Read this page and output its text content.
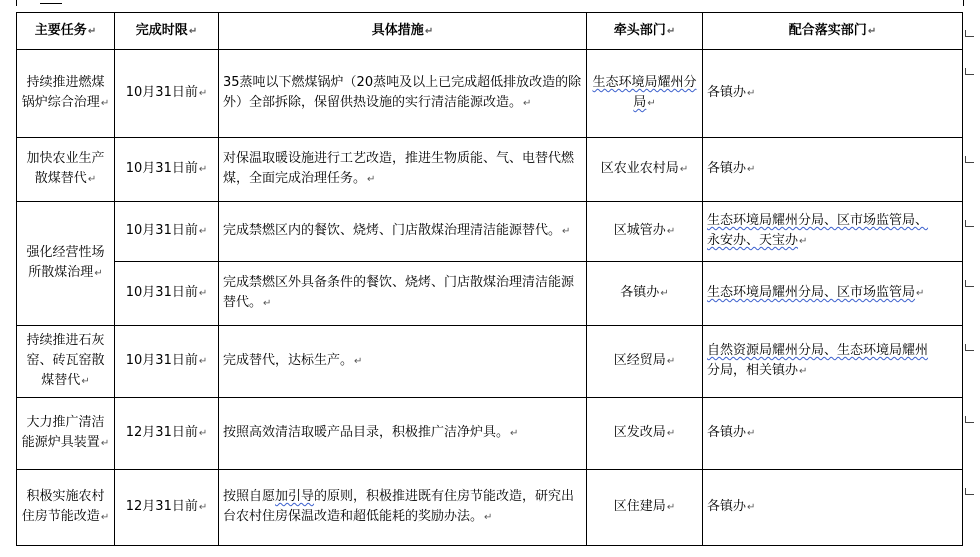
主要任务↵	完成时限↵	具体措施↵	牵头部门↵	配合落实部门↵
持续推进燃煤锅炉综合治理↵	10月31日前↵	35蒸吨以下燃煤锅炉（20蒸吨及以上已完成超低排放改造的除外）全部拆除，保留供热设施的实行清洁能源改造。↵	生态环境局耀州分局↵	各镇办↵
加快农业生产散煤替代↵	10月31日前↵	对保温取暖设施进行工艺改造，推进生物质能、气、电替代燃煤，全面完成治理任务。↵	区农业农村局↵	各镇办↵
强化经营性场所散煤治理↵	10月31日前↵	完成禁燃区内的餐饮、烧烤、门店散煤治理清洁能源替代。↵	区城管办↵	生态环境局耀州分局、区市场监管局、
永安办、天宝办↵
	10月31日前↵	完成禁燃区外具备条件的餐饮、烧烤、门店散煤治理清洁能源替代。↵	各镇办↵	生态环境局耀州分局、区市场监管局↵
持续推进石灰窑、砖瓦窑散煤替代↵	10月31日前↵	完成替代，达标生产。↵	区经贸局↵	自然资源局耀州分局、生态环境局耀州
分局，相关镇办↵
大力推广清洁能源炉具装置↵	12月31日前↵	按照高效清洁取暖产品目录，积极推广洁净炉具。↵	区发改局↵	各镇办↵
积极实施农村住房节能改造↵	12月31日前↵	按照自愿加引导的原则，积极推进既有住房节能改造，研究出台农村住房保温改造和超低能耗的奖励办法。↵	区住建局↵	各镇办↵
